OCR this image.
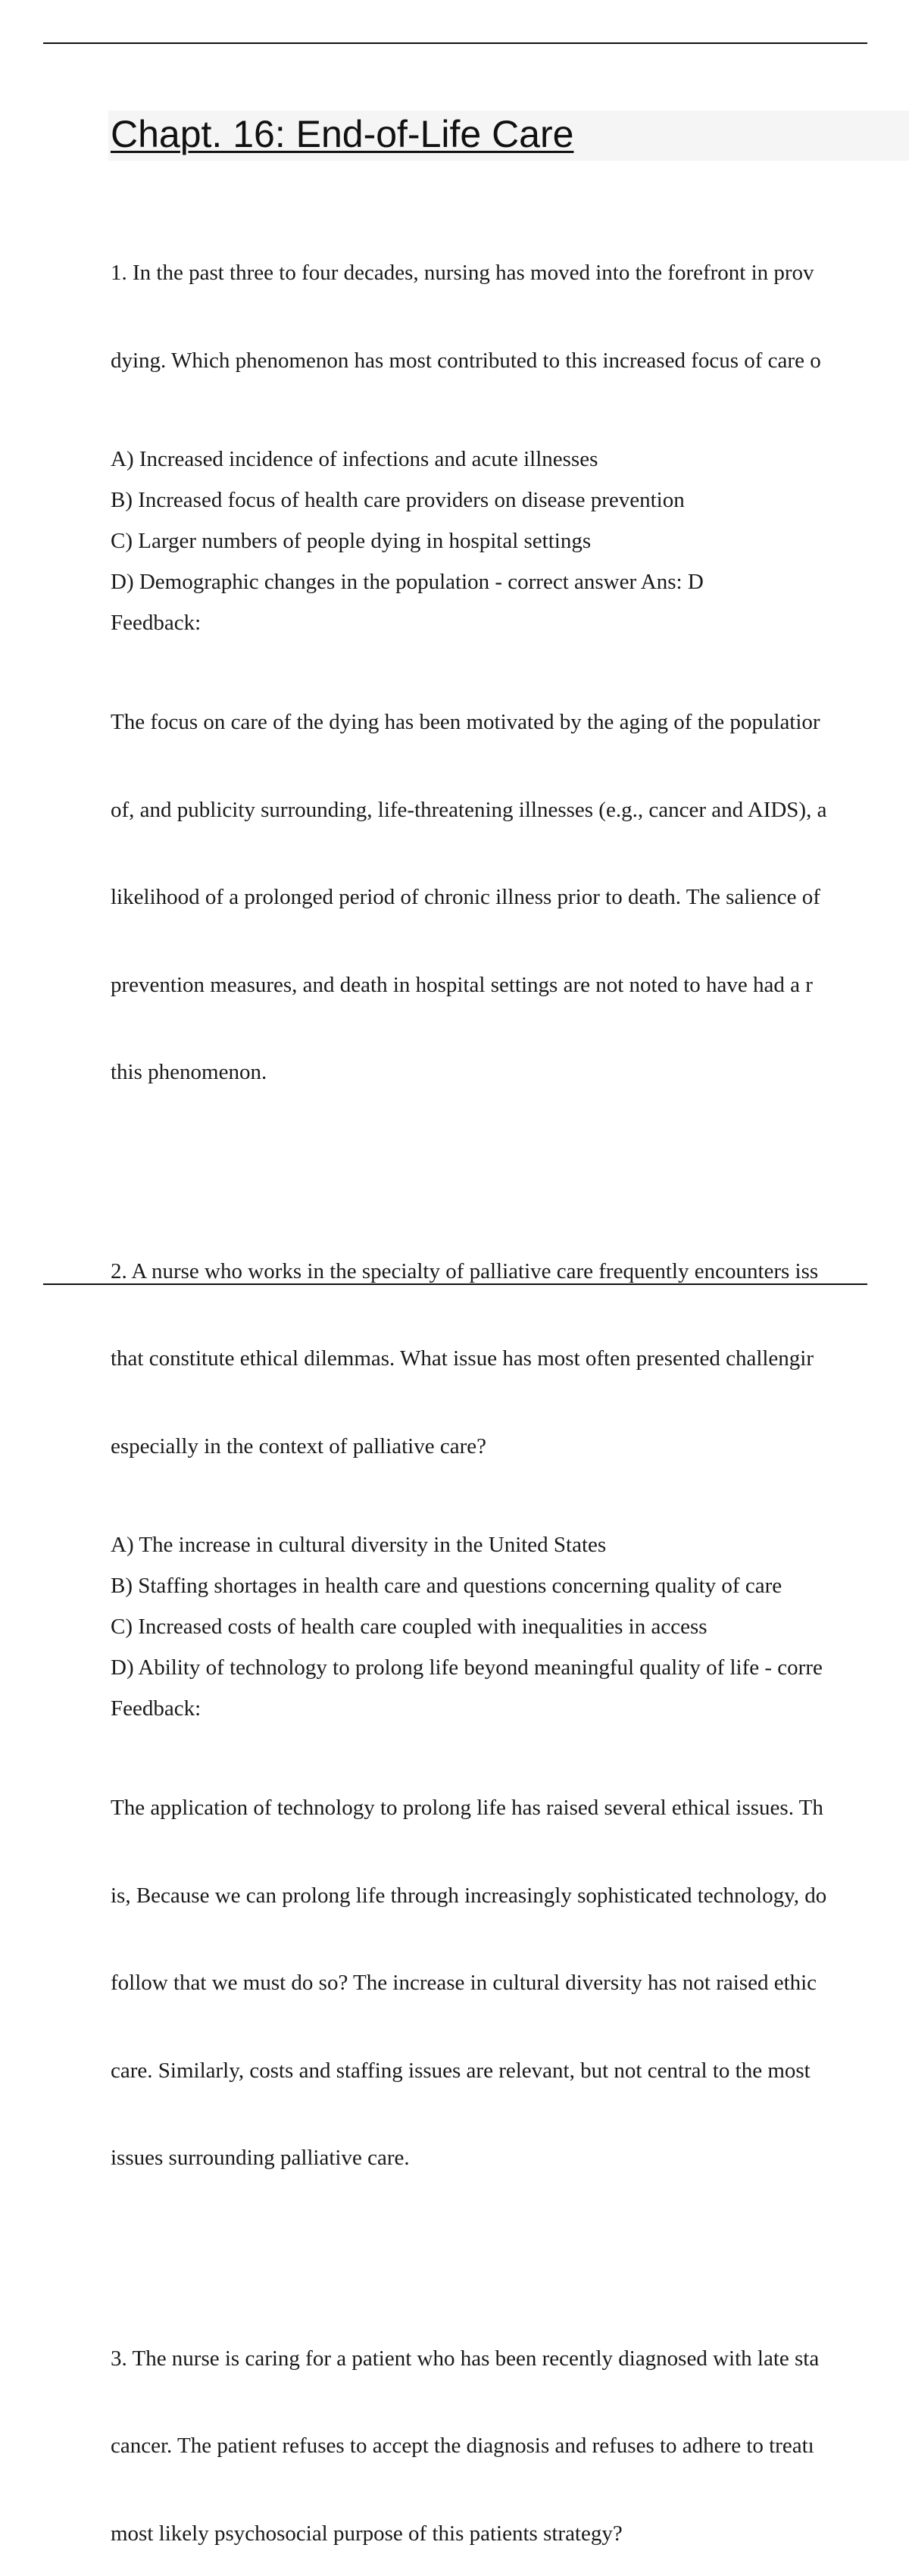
Chapt. 16: End-of-Life Care

1. In the past three to four decades, nursing has moved into the forefront in prov

dying. Which phenomenon has most contributed to this increased focus of care o

A) Increased incidence of infections and acute illnesses

B) Increased focus of health care providers on disease prevention

C) Larger numbers of people dying in hospital settings

D) Demographic changes in the population - correct answer Ans: D

Feedback:

The focus on care of the dying has been motivated by the aging of the populatior

of, and publicity surrounding, life-threatening illnesses (e.g., cancer and AIDS), a

likelihood of a prolonged period of chronic illness prior to death. The salience of

prevention measures, and death in hospital settings are not noted to have had a r

this phenomenon.

2. A nurse who works in the specialty of palliative care frequently encounters iss

that constitute ethical dilemmas. What issue has most often presented challengir

especially in the context of palliative care?

A) The increase in cultural diversity in the United States

B) Staffing shortages in health care and questions concerning quality of care

C) Increased costs of health care coupled with inequalities in access

D) Ability of technology to prolong life beyond meaningful quality of life - corre

Feedback:

The application of technology to prolong life has raised several ethical issues. Th

is, Because we can prolong life through increasingly sophisticated technology, do

follow that we must do so? The increase in cultural diversity has not raised ethic

care. Similarly, costs and staffing issues are relevant, but not central to the most

issues surrounding palliative care.

3. The nurse is caring for a patient who has been recently diagnosed with late sta

cancer. The patient refuses to accept the diagnosis and refuses to adhere to treatı

most likely psychosocial purpose of this patients strategy?
